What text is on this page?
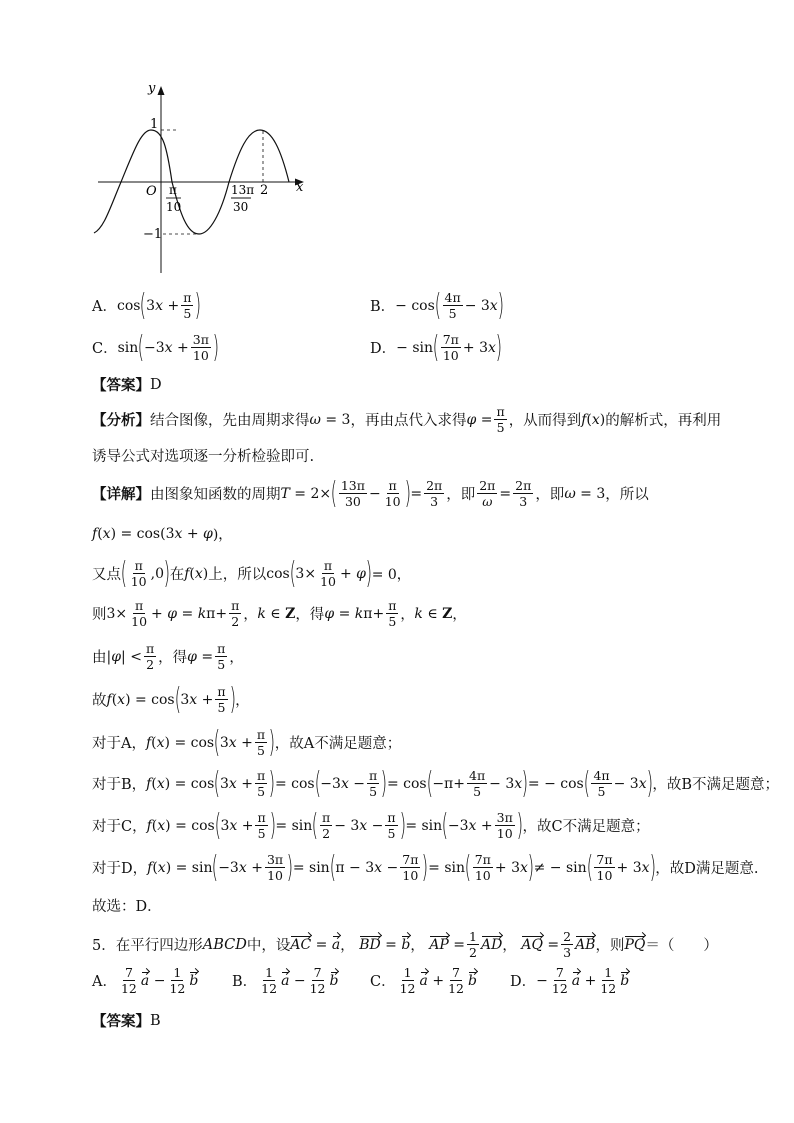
y
x
O
1
−1
π
10
13π
30
2
A． cos ( 3 $x + \frac{\pi}{5}$ )	B． − cos ( $\frac{4\pi}{5} - 3$ x )
C． sin ( −3 $x + \frac{3\pi}{10}$ )	D． − sin ( $\frac{7\pi}{10} + 3$ x )
【答案】 D
【分析】 结合图像，先由周期求得 ω = 3 ，再由点代入求得 $\varphi = \frac{\pi}{5}$ ，从而得到 f ( x ) 的解析式，再利用
诱导公式对选项逐一分析检验即可.
【详解】 由图象知函数的周期 T = 2× ( $\frac{13\pi}{30} - \frac{\pi}{10}$ ) = $\frac{2\pi}{3}$ ，即 $\frac{2\pi}{\omega} = \frac{2\pi}{3}$ ，即 ω = 3 ，所以
f ( x ) = cos(3 x + φ )，
又点 ( $\frac{\pi}{10} ,0$ ) 在 f ( x ) 上，所以 cos ( $3\times \frac{\pi}{10} + \varphi$ ) = 0，
则 $3\times \frac{\pi}{10} + \varphi = k$ $\pi+ \frac{\pi}{2}$ ， k ∈ Z ，得 φ = k $\pi+ \frac{\pi}{5}$ ， k ∈ Z ，
由 | φ | < $\frac{\pi}{2}$ ，得 $\varphi = \frac{\pi}{5}$ ，
故 f ( x ) = cos ( 3 $x + \frac{\pi}{5}$ ) ，
对于A， f ( x ) = cos ( 3 $x + \frac{\pi}{5}$ ) ，故A不满足题意；
对于B， f ( x ) = cos ( 3 $x + \frac{\pi}{5}$ ) = cos ( −3 $x - \frac{\pi}{5}$ ) = cos ( $-\pi+ \frac{4\pi}{5} - 3$ x ) = − cos ( $\frac{4\pi}{5} - 3$ x ) ，故B不满足题意；
对于C， f ( x ) = cos ( 3 $x + \frac{\pi}{5}$ ) = sin ( $\frac{\pi}{2} - 3$ $x - \frac{\pi}{5}$ ) = sin ( −3 $x + \frac{3\pi}{10}$ ) ，故C不满足题意；
对于D， f ( x ) = sin ( −3 $x + \frac{3\pi}{10}$ ) = sin ( π − 3 $x - \frac{7\pi}{10}$ ) = sin ( $\frac{7\pi}{10} + 3$ x ) ≠ − sin ( $\frac{7\pi}{10} + 3$ x ) ，故D满足题意.
故选：D．
5．在平行四边形 ABCD 中，设 AC = a ， BD = b ， AP = $\frac{1}{2}$ AD ， AQ = $\frac{2}{3}$ AB ，则 PQ ＝（　　）
A． $\frac{7}{12}$ $a - \frac{1}{12}$ b B． $\frac{1}{12}$ $a - \frac{7}{12}$ b C． $\frac{1}{12}$ $a + \frac{7}{12}$ b D． − $\frac{7}{12}$ $a + \frac{1}{12}$ b
【答案】 B
